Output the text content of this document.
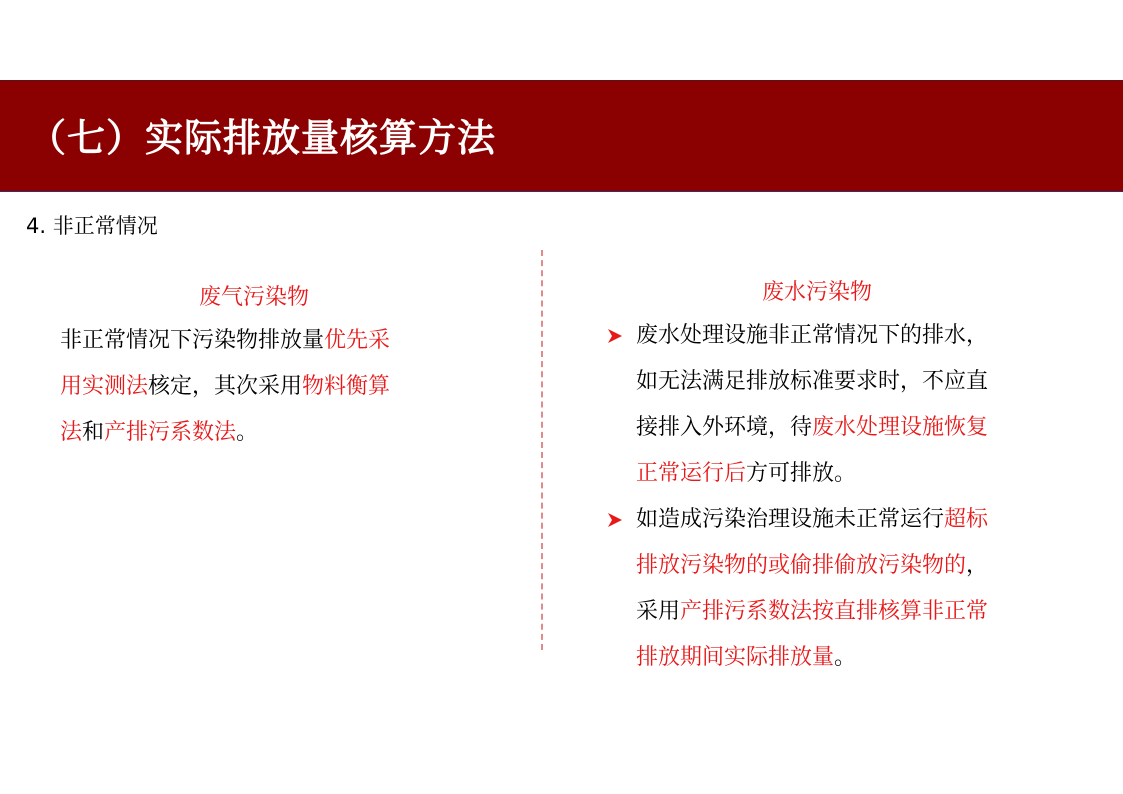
（七）实际排放量核算方法
4. 非正常情况
废气污染物
非正常情况下污染物排放量优先采
用实测法核定，其次采用物料衡算
法和产排污系数法。
废水污染物
废水处理设施非正常情况下的排水，
如无法满足排放标准要求时，不应直
接排入外环境，待废水处理设施恢复
正常运行后方可排放。
如造成污染治理设施未正常运行超标
排放污染物的或偷排偷放污染物的，
采用产排污系数法按直排核算非正常
排放期间实际排放量。
